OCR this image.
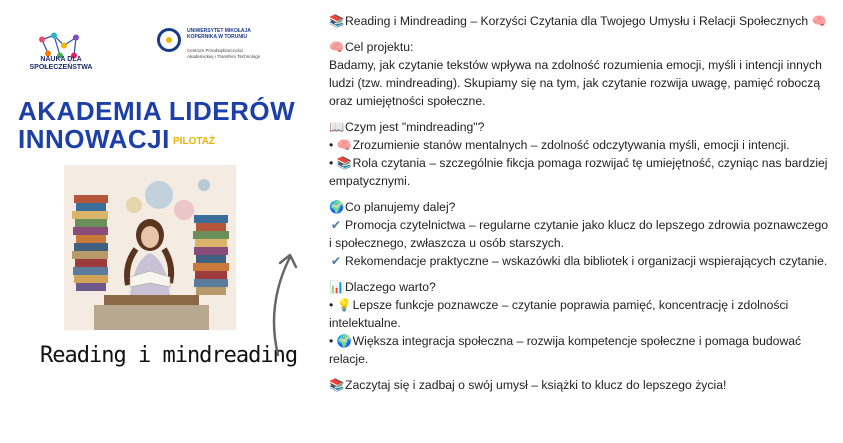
NAUKA DLA SPOŁECZEŃSTWA
UNIWERSYTET MIKOŁAJA KOPERNIKA W TORUNIU
Centrum Przedsiębiorczości Akademickiej i Transferu Technologii
AKADEMIA LIDERÓW
INNOWACJI PILOTAŻ
Reading i mindreading

📚Reading i Mindreading – Korzyści Czytania dla Twojego Umysłu i Relacji Społecznych 🧠

🧠Cel projektu:

Badamy, jak czytanie tekstów wpływa na zdolność rozumienia emocji, myśli i intencji innych ludzi (tzw. mindreading). Skupiamy się na tym, jak czytanie rozwija uwagę, pamięć roboczą oraz umiejętności społeczne.

📖Czym jest "mindreading"?

• 🧠Zrozumienie stanów mentalnych – zdolność odczytywania myśli, emocji i intencji.

• 📚Rola czytania – szczególnie fikcja pomaga rozwijać tę umiejętność, czyniąc nas bardziej empatycznymi.

🌍Co planujemy dalej?

✔ Promocja czytelnictwa – regularne czytanie jako klucz do lepszego zdrowia poznawczego i społecznego, zwłaszcza u osób starszych.

✔ Rekomendacje praktyczne – wskazówki dla bibliotek i organizacji wspierających czytanie.

📊Dlaczego warto?

• 💡Lepsze funkcje poznawcze – czytanie poprawia pamięć, koncentrację i zdolności intelektualne.

• 🌍Większa integracja społeczna – rozwija kompetencje społeczne i pomaga budować relacje.

📚Zaczytaj się i zadbaj o swój umysł – książki to klucz do lepszego życia!
